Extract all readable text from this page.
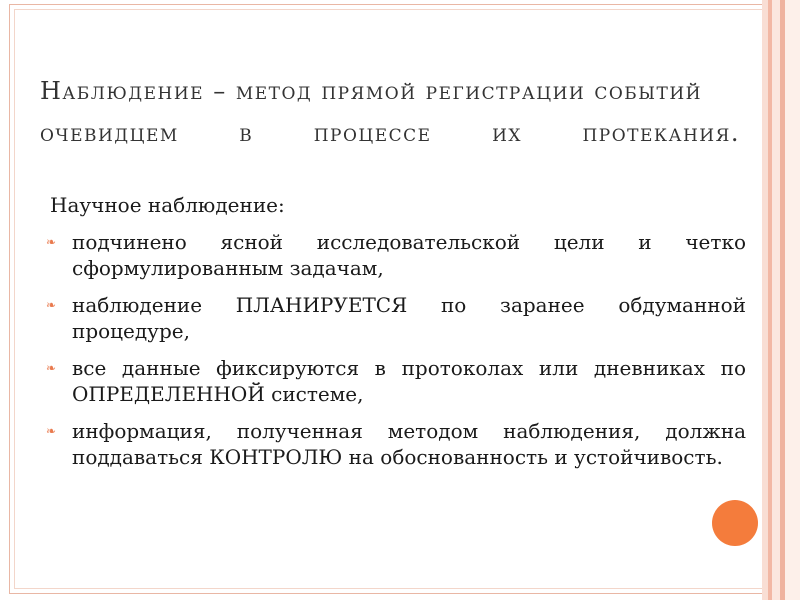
Наблюдение – метод прямой регистрации событий
очевидцем	в	процессе	их	протекания.
Научное наблюдение:
❧ подчинено ясной исследовательской цели и четко сформулированным задачам,
❧ наблюдение ПЛАНИРУЕТСЯ по заранее обдуманной процедуре,
❧ все данные фиксируются в протоколах или дневниках по ОПРЕДЕЛЕННОЙ системе,
❧ информация, полученная методом наблюдения, должна поддаваться КОНТРОЛЮ на обоснованность и устойчивость.
